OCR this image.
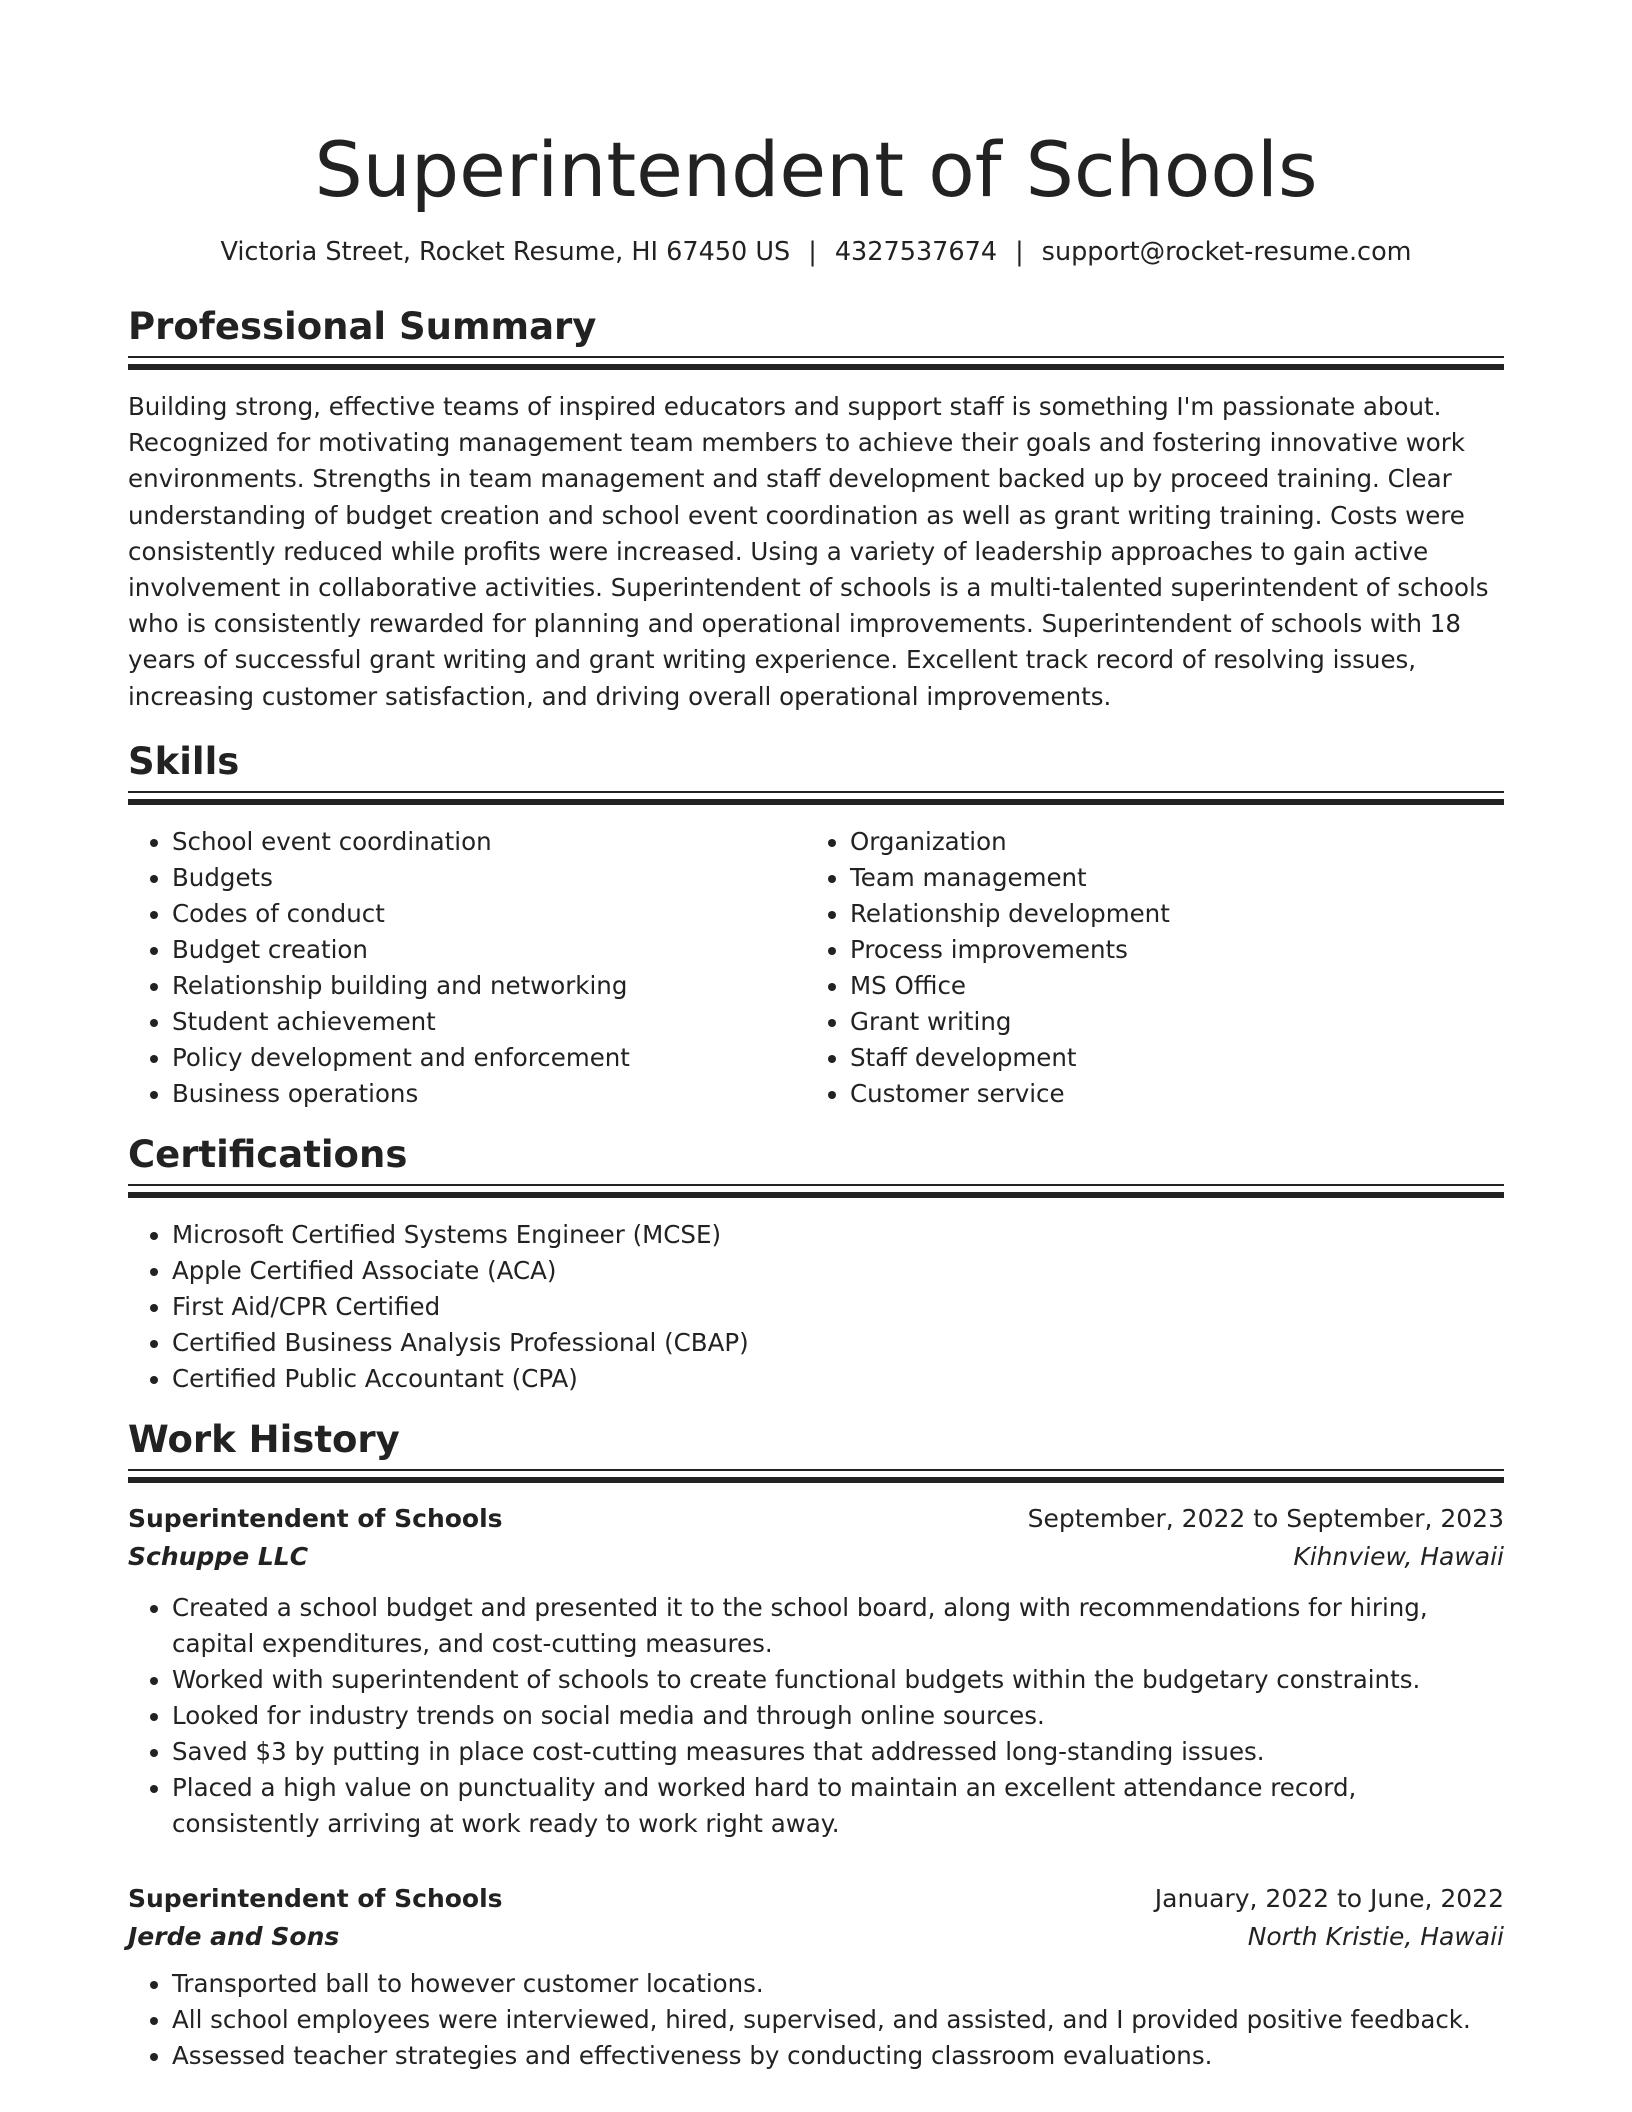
Superintendent of Schools
Victoria Street, Rocket Resume, HI 67450 US | 4327537674 | support@rocket-resume.com
Professional Summary
Building strong, effective teams of inspired educators and support staff is something I'm passionate about. Recognized for motivating management team members to achieve their goals and fostering innovative work environments. Strengths in team management and staff development backed up by proceed training. Clear understanding of budget creation and school event coordination as well as grant writing training. Costs were consistently reduced while profits were increased. Using a variety of leadership approaches to gain active involvement in collaborative activities. Superintendent of schools is a multi-talented superintendent of schools who is consistently rewarded for planning and operational improvements. Superintendent of schools with 18 years of successful grant writing and grant writing experience. Excellent track record of resolving issues, increasing customer satisfaction, and driving overall operational improvements.
Skills
• School event coordination
• Budgets
• Codes of conduct
• Budget creation
• Relationship building and networking
• Student achievement
• Policy development and enforcement
• Business operations
• Organization
• Team management
• Relationship development
• Process improvements
• MS Office
• Grant writing
• Staff development
• Customer service
Certifications
• Microsoft Certified Systems Engineer (MCSE)
• Apple Certified Associate (ACA)
• First Aid/CPR Certified
• Certified Business Analysis Professional (CBAP)
• Certified Public Accountant (CPA)
Work History
Superintendent of Schools	September, 2022 to September, 2023
Schuppe LLC	Kihnview, Hawaii
• Created a school budget and presented it to the school board, along with recommendations for hiring, capital expenditures, and cost-cutting measures.
• Worked with superintendent of schools to create functional budgets within the budgetary constraints.
• Looked for industry trends on social media and through online sources.
• Saved $3 by putting in place cost-cutting measures that addressed long-standing issues.
• Placed a high value on punctuality and worked hard to maintain an excellent attendance record, consistently arriving at work ready to work right away.
Superintendent of Schools	January, 2022 to June, 2022
Jerde and Sons	North Kristie, Hawaii
• Transported ball to however customer locations.
• All school employees were interviewed, hired, supervised, and assisted, and I provided positive feedback.
• Assessed teacher strategies and effectiveness by conducting classroom evaluations.
